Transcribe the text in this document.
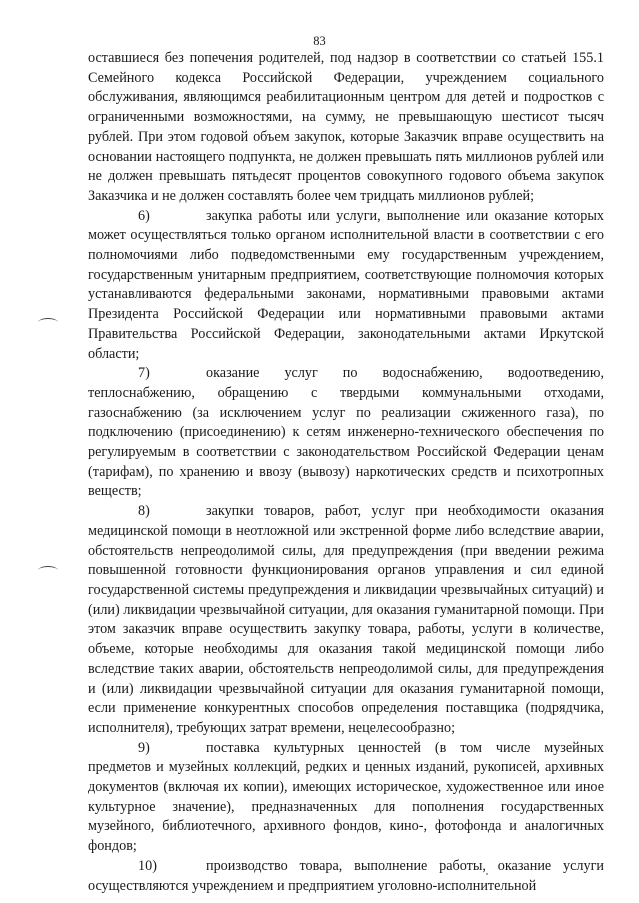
83

оставшиеся без попечения родителей, под надзор в соответствии со статьей 155.1 Семейного кодекса Российской Федерации, учреждением социального обслуживания, являющимся реабилитационным центром для детей и подростков с ограниченными возможностями, на сумму, не превышающую шестисот тысяч рублей. При этом годовой объем закупок, которые Заказчик вправе осуществить на основании настоящего подпункта, не должен превышать пять миллионов рублей или не должен превышать пятьдесят процентов совокупного годового объема закупок Заказчика и не должен составлять более чем тридцать миллионов рублей;

6)	закупка работы или услуги, выполнение или оказание которых может осуществляться только органом исполнительной власти в соответствии с его полномочиями либо подведомственными ему государственным учреждением, государственным унитарным предприятием, соответствующие полномочия которых устанавливаются федеральными законами, нормативными правовыми актами Президента Российской Федерации или нормативными правовыми актами Правительства Российской Федерации, законодательными актами Иркутской области;

7)	оказание услуг по водоснабжению, водоотведению, теплоснабжению, обращению с твердыми коммунальными отходами, газоснабжению (за исключением услуг по реализации сжиженного газа), по подключению (присоединению) к сетям инженерно-технического обеспечения по регулируемым в соответствии с законодательством Российской Федерации ценам (тарифам), по хранению и ввозу (вывозу) наркотических средств и психотропных веществ;

8)	закупки товаров, работ, услуг при необходимости оказания медицинской помощи в неотложной или экстренной форме либо вследствие аварии, обстоятельств непреодолимой силы, для предупреждения (при введении режима повышенной готовности функционирования органов управления и сил единой государственной системы предупреждения и ликвидации чрезвычайных ситуаций) и (или) ликвидации чрезвычайной ситуации, для оказания гуманитарной помощи. При этом заказчик вправе осуществить закупку товара, работы, услуги в количестве, объеме, которые необходимы для оказания такой медицинской помощи либо вследствие таких аварии, обстоятельств непреодолимой силы, для предупреждения и (или) ликвидации чрезвычайной ситуации для оказания гуманитарной помощи, если применение конкурентных способов определения поставщика (подрядчика, исполнителя), требующих затрат времени, нецелесообразно;

9)	поставка культурных ценностей (в том числе музейных предметов и музейных коллекций, редких и ценных изданий, рукописей, архивных документов (включая их копии), имеющих историческое, художественное или иное культурное значение), предназначенных для пополнения государственных музейного, библиотечного, архивного фондов, кино-, фотофонда и аналогичных фондов;

10)	производство товара, выполнение работы, оказание услуги осуществляются учреждением и предприятием уголовно-исполнительной
